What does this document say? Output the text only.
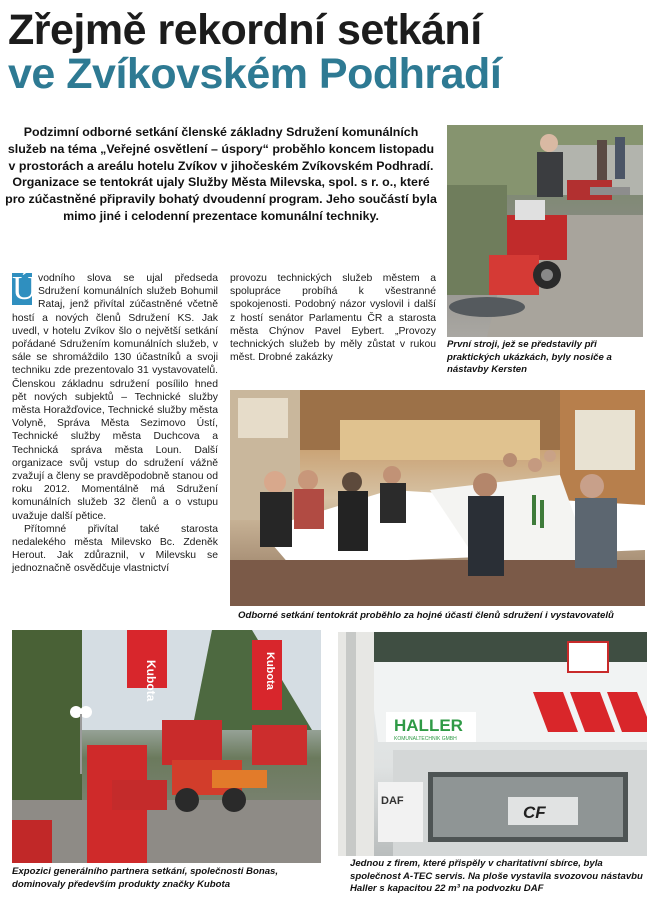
Zřejmě rekordní setkání
ve Zvíkovském Podhradí
Podzimní odborné setkání členské základny Sdružení komunálních služeb na téma „Veřejné osvětlení – úspory“ proběhlo koncem listopadu v prostorách a areálu hotelu Zvíkov v jihočeském Zvíkovském Podhradí. Organizace se tentokrát ujaly Služby Města Milevska, spol. s r. o., které pro zúčastněné připravily bohatý dvoudenní program. Jeho součástí byla mimo jiné i celodenní prezentace komunální techniky.

Ú vodního slova se ujal předseda Sdružení komunálních služeb Bohumil Rataj, jenž přivítal zúčastněné včetně hostí a nových členů Sdružení KS. Jak uvedl, v hotelu Zvíkov šlo o největší setkání pořádané Sdružením komunálních služeb, v sále se shromáždilo 130 účastníků a svoji techniku zde prezentovalo 31 vystavovatelů. Členskou základnu sdružení posílilo hned pět nových subjektů – Technické služby města Horažďovice, Technické služby města Volyně, Správa Města Sezimovo Ústí, Technické služby města Duchcova a Technická správa města Loun. Další organizace svůj vstup do sdružení vážně zvažují a členy se pravděpodobně stanou od roku 2012. Momentálně má Sdružení komunálních služeb 32 členů a o vstupu uvažuje další pětice.

Přítomné přivítal také starosta nedalekého města Milevsko Bc. Zdeněk Herout. Jak zdůraznil, v Milevsku se jednoznačně osvědčuje vlastnictví

provozu technických služeb městem a spolupráce probíhá k všestranné spokojenosti. Podobný názor vyslovil i další z hostí senátor Parlamentu ČR a starosta města Chýnov Pavel Eybert. „Provozy technických služeb by měly zůstat v rukou měst. Drobné zakázky

První stroji, jež se představily při praktických ukázkách, byly nosiče a nástavby Kersten
Odborné setkání tentokrát proběhlo za hojné účasti členů sdružení i vystavovatelů
Kubota	Kubota
Expozici generálního partnera setkání, společnosti Bonas, dominovaly především produkty značky Kubota
HALLER
KOMUNALTECHNIK GMBH
DAF
CF
Jednou z firem, které přispěly v charitativní sbírce, byla společnost A-TEC servis. Na ploše vystavila svozovou nástavbu Haller s kapacitou 22 m³ na podvozku DAF
